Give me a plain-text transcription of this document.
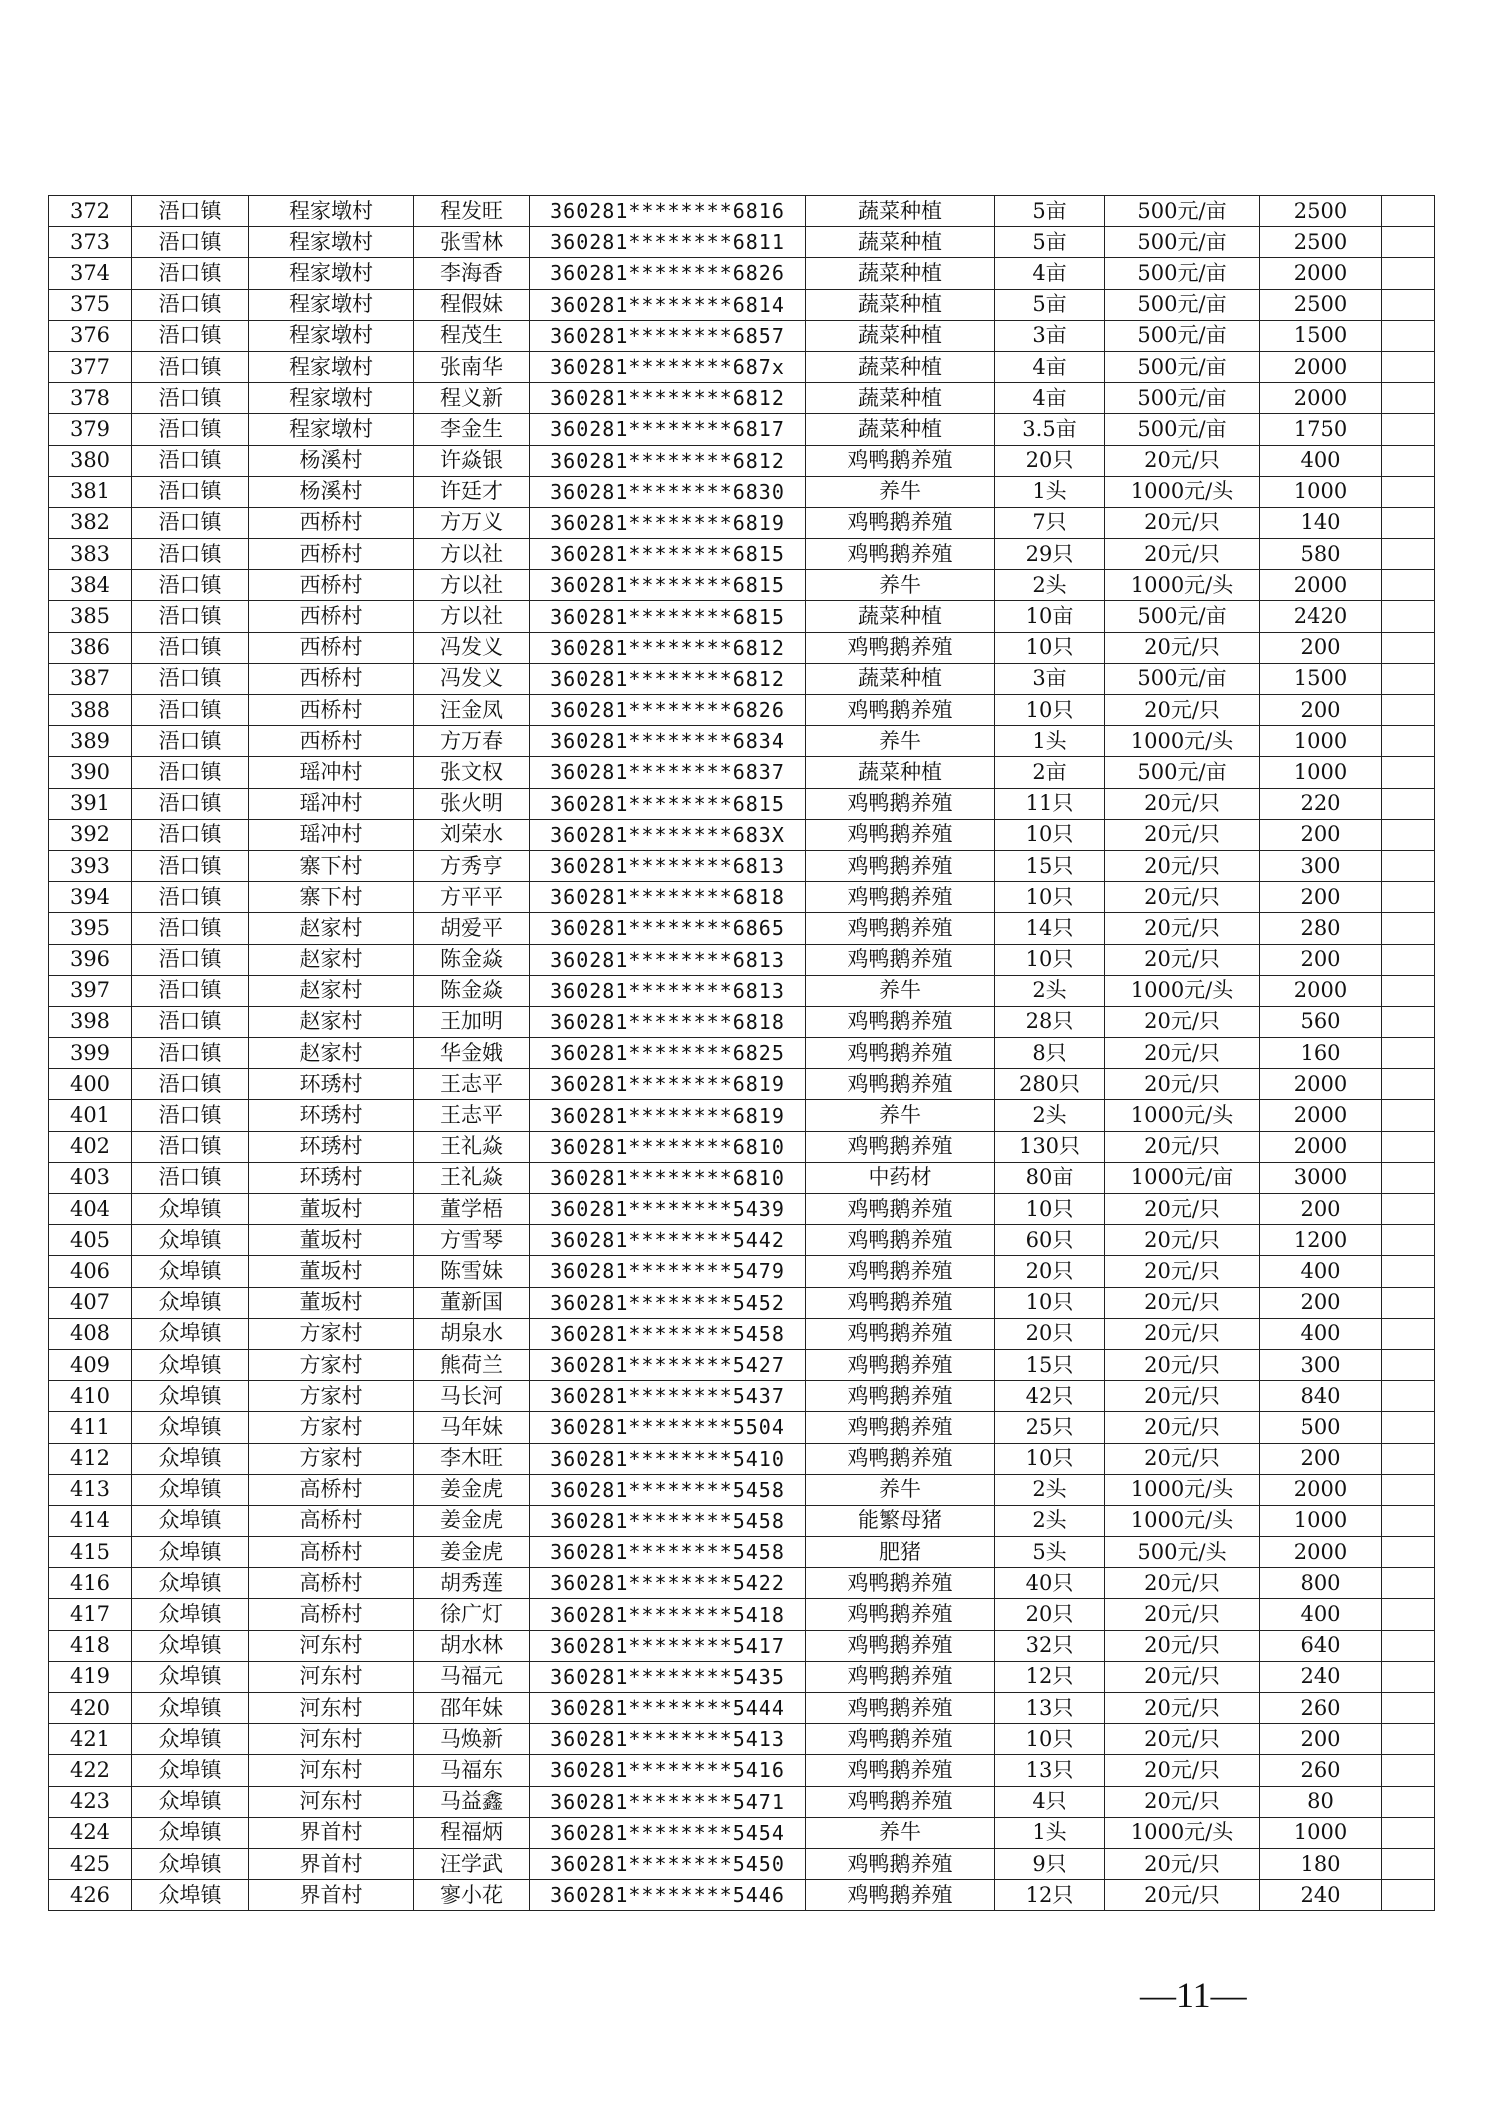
372	浯口镇	程家墩村	程发旺	360281********6816	蔬菜种植	5亩	500元/亩	2500	
373	浯口镇	程家墩村	张雪林	360281********6811	蔬菜种植	5亩	500元/亩	2500	
374	浯口镇	程家墩村	李海香	360281********6826	蔬菜种植	4亩	500元/亩	2000	
375	浯口镇	程家墩村	程假妹	360281********6814	蔬菜种植	5亩	500元/亩	2500	
376	浯口镇	程家墩村	程茂生	360281********6857	蔬菜种植	3亩	500元/亩	1500	
377	浯口镇	程家墩村	张南华	360281********687x	蔬菜种植	4亩	500元/亩	2000	
378	浯口镇	程家墩村	程义新	360281********6812	蔬菜种植	4亩	500元/亩	2000	
379	浯口镇	程家墩村	李金生	360281********6817	蔬菜种植	3.5亩	500元/亩	1750	
380	浯口镇	杨溪村	许焱银	360281********6812	鸡鸭鹅养殖	20只	20元/只	400	
381	浯口镇	杨溪村	许廷才	360281********6830	养牛	1头	1000元/头	1000	
382	浯口镇	西桥村	方万义	360281********6819	鸡鸭鹅养殖	7只	20元/只	140	
383	浯口镇	西桥村	方以社	360281********6815	鸡鸭鹅养殖	29只	20元/只	580	
384	浯口镇	西桥村	方以社	360281********6815	养牛	2头	1000元/头	2000	
385	浯口镇	西桥村	方以社	360281********6815	蔬菜种植	10亩	500元/亩	2420	
386	浯口镇	西桥村	冯发义	360281********6812	鸡鸭鹅养殖	10只	20元/只	200	
387	浯口镇	西桥村	冯发义	360281********6812	蔬菜种植	3亩	500元/亩	1500	
388	浯口镇	西桥村	汪金凤	360281********6826	鸡鸭鹅养殖	10只	20元/只	200	
389	浯口镇	西桥村	方万春	360281********6834	养牛	1头	1000元/头	1000	
390	浯口镇	瑶冲村	张文权	360281********6837	蔬菜种植	2亩	500元/亩	1000	
391	浯口镇	瑶冲村	张火明	360281********6815	鸡鸭鹅养殖	11只	20元/只	220	
392	浯口镇	瑶冲村	刘荣水	360281********683X	鸡鸭鹅养殖	10只	20元/只	200	
393	浯口镇	寨下村	方秀亨	360281********6813	鸡鸭鹅养殖	15只	20元/只	300	
394	浯口镇	寨下村	方平平	360281********6818	鸡鸭鹅养殖	10只	20元/只	200	
395	浯口镇	赵家村	胡爱平	360281********6865	鸡鸭鹅养殖	14只	20元/只	280	
396	浯口镇	赵家村	陈金焱	360281********6813	鸡鸭鹅养殖	10只	20元/只	200	
397	浯口镇	赵家村	陈金焱	360281********6813	养牛	2头	1000元/头	2000	
398	浯口镇	赵家村	王加明	360281********6818	鸡鸭鹅养殖	28只	20元/只	560	
399	浯口镇	赵家村	华金娥	360281********6825	鸡鸭鹅养殖	8只	20元/只	160	
400	浯口镇	环琇村	王志平	360281********6819	鸡鸭鹅养殖	280只	20元/只	2000	
401	浯口镇	环琇村	王志平	360281********6819	养牛	2头	1000元/头	2000	
402	浯口镇	环琇村	王礼焱	360281********6810	鸡鸭鹅养殖	130只	20元/只	2000	
403	浯口镇	环琇村	王礼焱	360281********6810	中药材	80亩	1000元/亩	3000	
404	众埠镇	董坂村	董学梧	360281********5439	鸡鸭鹅养殖	10只	20元/只	200	
405	众埠镇	董坂村	方雪琴	360281********5442	鸡鸭鹅养殖	60只	20元/只	1200	
406	众埠镇	董坂村	陈雪妹	360281********5479	鸡鸭鹅养殖	20只	20元/只	400	
407	众埠镇	董坂村	董新国	360281********5452	鸡鸭鹅养殖	10只	20元/只	200	
408	众埠镇	方家村	胡泉水	360281********5458	鸡鸭鹅养殖	20只	20元/只	400	
409	众埠镇	方家村	熊荷兰	360281********5427	鸡鸭鹅养殖	15只	20元/只	300	
410	众埠镇	方家村	马长河	360281********5437	鸡鸭鹅养殖	42只	20元/只	840	
411	众埠镇	方家村	马年妹	360281********5504	鸡鸭鹅养殖	25只	20元/只	500	
412	众埠镇	方家村	李木旺	360281********5410	鸡鸭鹅养殖	10只	20元/只	200	
413	众埠镇	高桥村	姜金虎	360281********5458	养牛	2头	1000元/头	2000	
414	众埠镇	高桥村	姜金虎	360281********5458	能繁母猪	2头	1000元/头	1000	
415	众埠镇	高桥村	姜金虎	360281********5458	肥猪	5头	500元/头	2000	
416	众埠镇	高桥村	胡秀莲	360281********5422	鸡鸭鹅养殖	40只	20元/只	800	
417	众埠镇	高桥村	徐广灯	360281********5418	鸡鸭鹅养殖	20只	20元/只	400	
418	众埠镇	河东村	胡水林	360281********5417	鸡鸭鹅养殖	32只	20元/只	640	
419	众埠镇	河东村	马福元	360281********5435	鸡鸭鹅养殖	12只	20元/只	240	
420	众埠镇	河东村	邵年妹	360281********5444	鸡鸭鹅养殖	13只	20元/只	260	
421	众埠镇	河东村	马焕新	360281********5413	鸡鸭鹅养殖	10只	20元/只	200	
422	众埠镇	河东村	马福东	360281********5416	鸡鸭鹅养殖	13只	20元/只	260	
423	众埠镇	河东村	马益鑫	360281********5471	鸡鸭鹅养殖	4只	20元/只	80	
424	众埠镇	界首村	程福炳	360281********5454	养牛	1头	1000元/头	1000	
425	众埠镇	界首村	汪学武	360281********5450	鸡鸭鹅养殖	9只	20元/只	180	
426	众埠镇	界首村	寥小花	360281********5446	鸡鸭鹅养殖	12只	20元/只	240	
—11—
